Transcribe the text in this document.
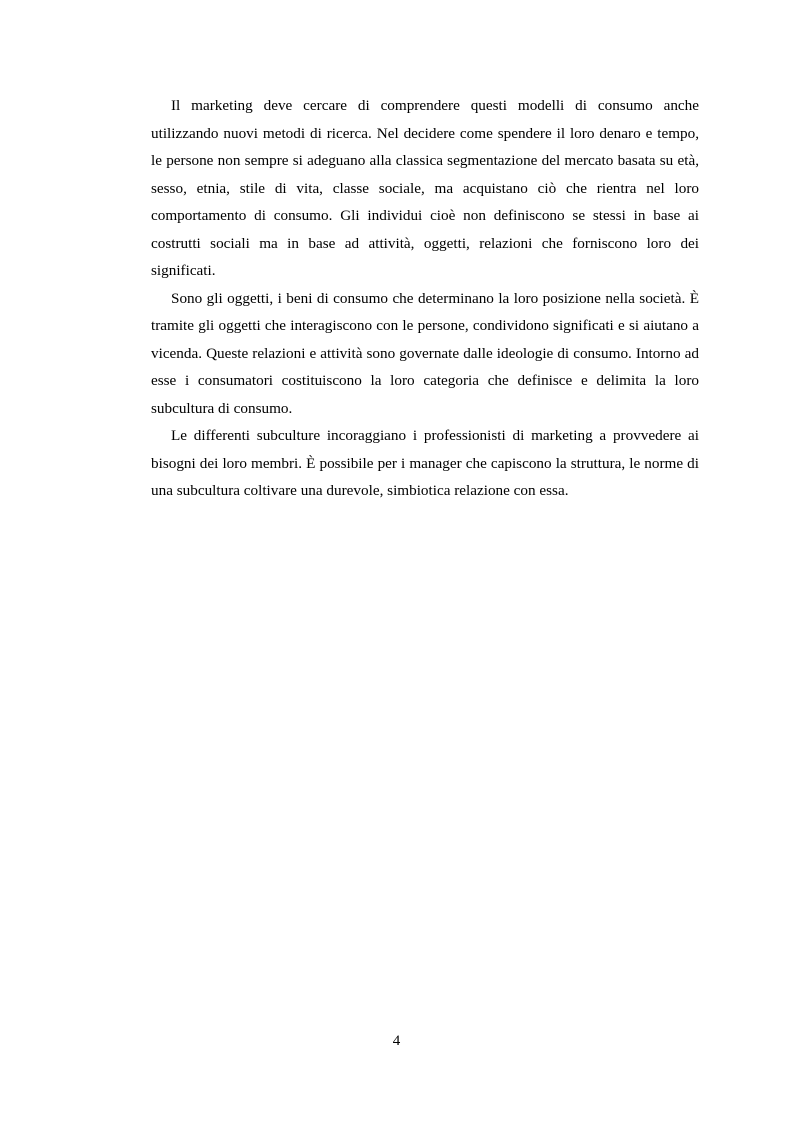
Il marketing deve cercare di comprendere questi modelli di consumo anche utilizzando nuovi metodi di ricerca. Nel decidere come spendere il loro denaro e tempo, le persone non sempre si adeguano alla classica segmentazione del mercato basata su età, sesso, etnia, stile di vita, classe sociale, ma acquistano ciò che rientra nel loro comportamento di consumo. Gli individui cioè non definiscono se stessi in base ai costrutti sociali ma in base ad attività, oggetti, relazioni che forniscono loro dei significati.

Sono gli oggetti, i beni di consumo che determinano la loro posizione nella società. È tramite gli oggetti che interagiscono con le persone, condividono significati e si aiutano a vicenda. Queste relazioni e attività sono governate dalle ideologie di consumo. Intorno ad esse i consumatori costituiscono la loro categoria che definisce e delimita la loro subcultura di consumo.

Le differenti subculture incoraggiano i professionisti di marketing a provvedere ai bisogni dei loro membri. È possibile per i manager che capiscono la struttura, le norme di una subcultura coltivare una durevole, simbiotica relazione con essa.

4
